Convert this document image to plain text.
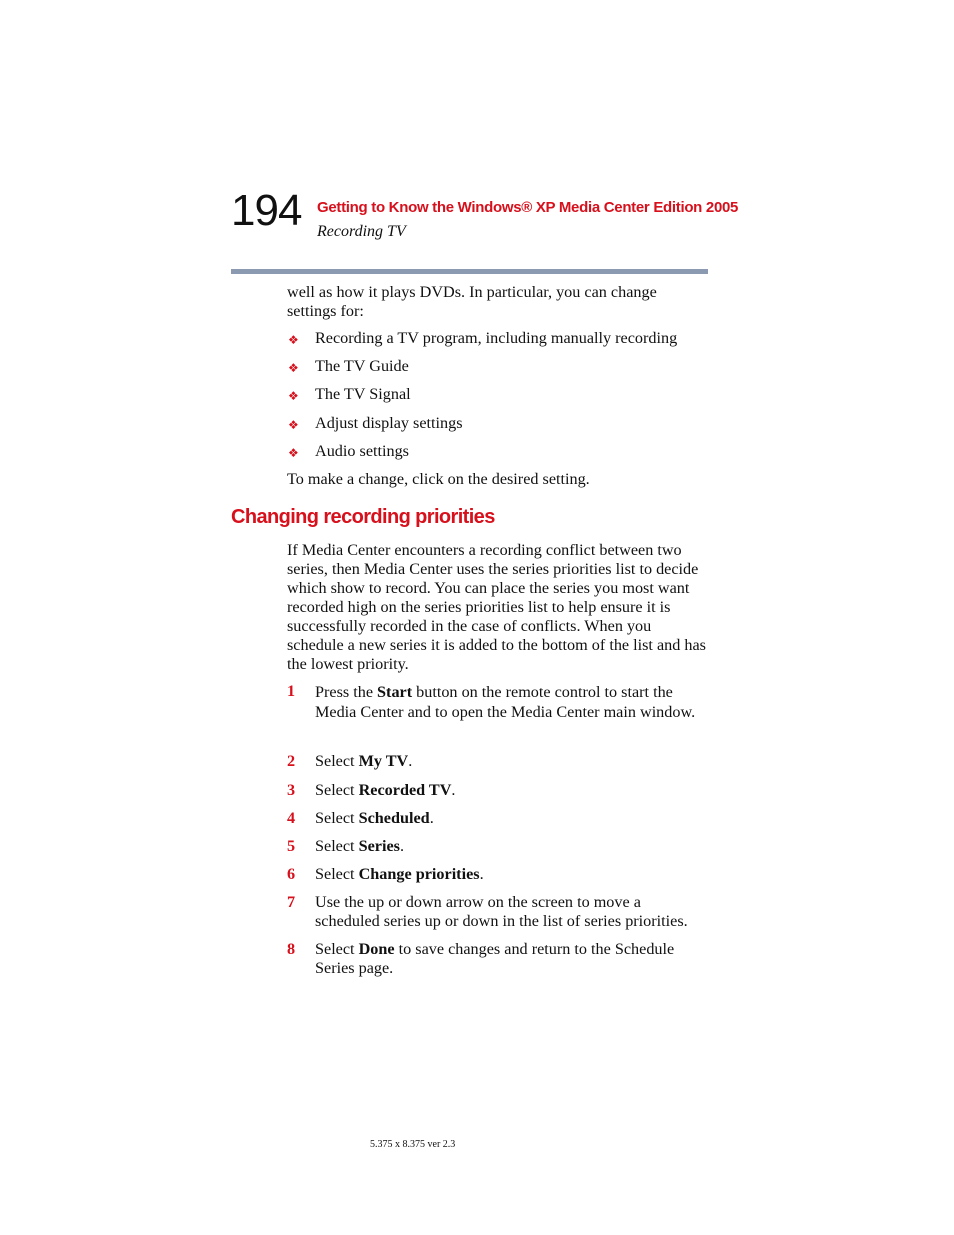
194 Getting to Know the Windows® XP Media Center Edition 2005
Recording TV

well as how it plays DVDs. In particular, you can change settings for:

❖ Recording a TV program, including manually recording
❖ The TV Guide
❖ The TV Signal
❖ Adjust display settings
❖ Audio settings

To make a change, click on the desired setting.

Changing recording priorities

If Media Center encounters a recording conflict between two series, then Media Center uses the series priorities list to decide which show to record. You can place the series you most want recorded high on the series priorities list to help ensure it is successfully recorded in the case of conflicts. When you schedule a new series it is added to the bottom of the list and has the lowest priority.

1 Press the Start button on the remote control to start the Media Center and to open the Media Center main window.
2 Select My TV.
3 Select Recorded TV.
4 Select Scheduled.
5 Select Series.
6 Select Change priorities.
7 Use the up or down arrow on the screen to move a scheduled series up or down in the list of series priorities.
8 Select Done to save changes and return to the Schedule Series page.
5.375 x 8.375 ver 2.3
